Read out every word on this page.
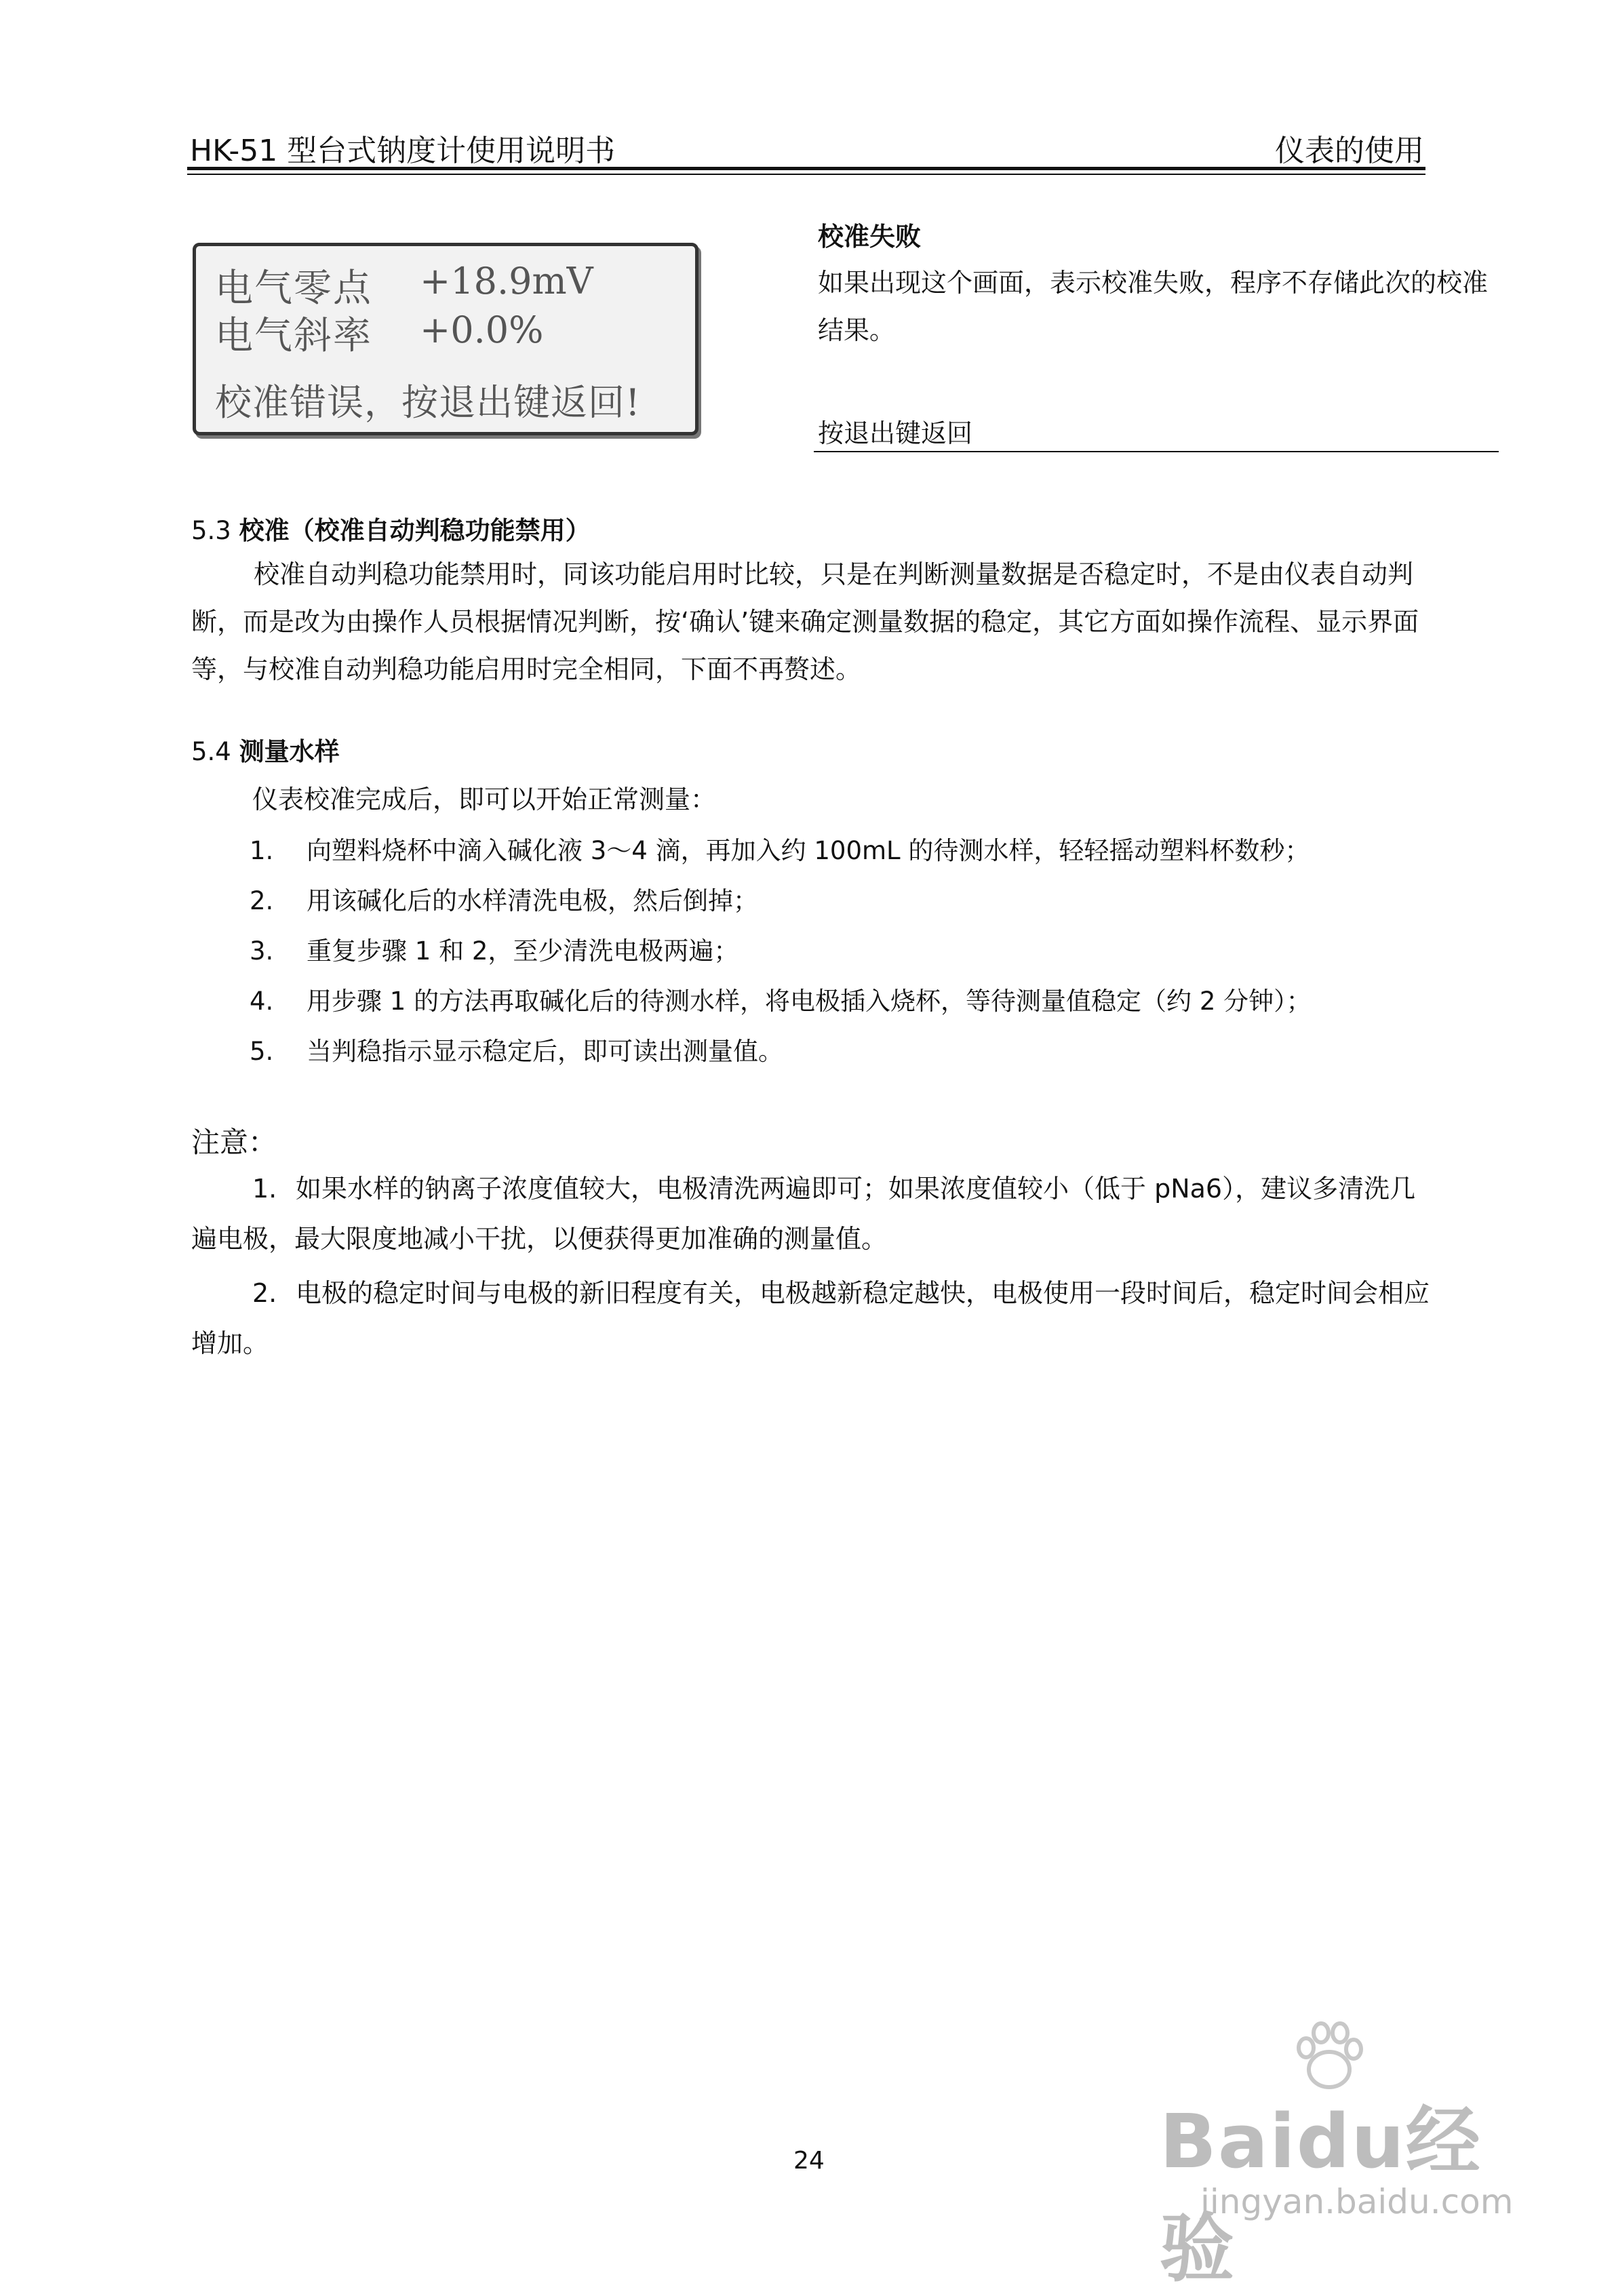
HK-51 型台式钠度计使用说明书	仪表的使用
电气零点 +18.9mV
电气斜率 +0.0%
校准错误，按退出键返回!
校准失败
如果出现这个画面，表示校准失败，程序不存储此次的校准结果。
按退出键返回
5.3 校准（校准自动判稳功能禁用）
校准自动判稳功能禁用时，同该功能启用时比较，只是在判断测量数据是否稳定时，不是由仪表自动判断，而是改为由操作人员根据情况判断，按‘确认’键来确定测量数据的稳定，其它方面如操作流程、显示界面等，与校准自动判稳功能启用时完全相同，下面不再赘述。
5.4 测量水样
仪表校准完成后，即可以开始正常测量：
1. 向塑料烧杯中滴入碱化液 3～4 滴，再加入约 100mL 的待测水样，轻轻摇动塑料杯数秒；
2. 用该碱化后的水样清洗电极，然后倒掉；
3. 重复步骤 1 和 2，至少清洗电极两遍；
4. 用步骤 1 的方法再取碱化后的待测水样，将电极插入烧杯，等待测量值稳定（约 2 分钟）；
5. 当判稳指示显示稳定后，即可读出测量值。
注意：
1. 如果水样的钠离子浓度值较大，电极清洗两遍即可；如果浓度值较小（低于 pNa6），建议多清洗几遍电极，最大限度地减小干扰，以便获得更加准确的测量值。
2. 电极的稳定时间与电极的新旧程度有关，电极越新稳定越快，电极使用一段时间后，稳定时间会相应增加。
24	Baidu经验
jingyan.baidu.com
